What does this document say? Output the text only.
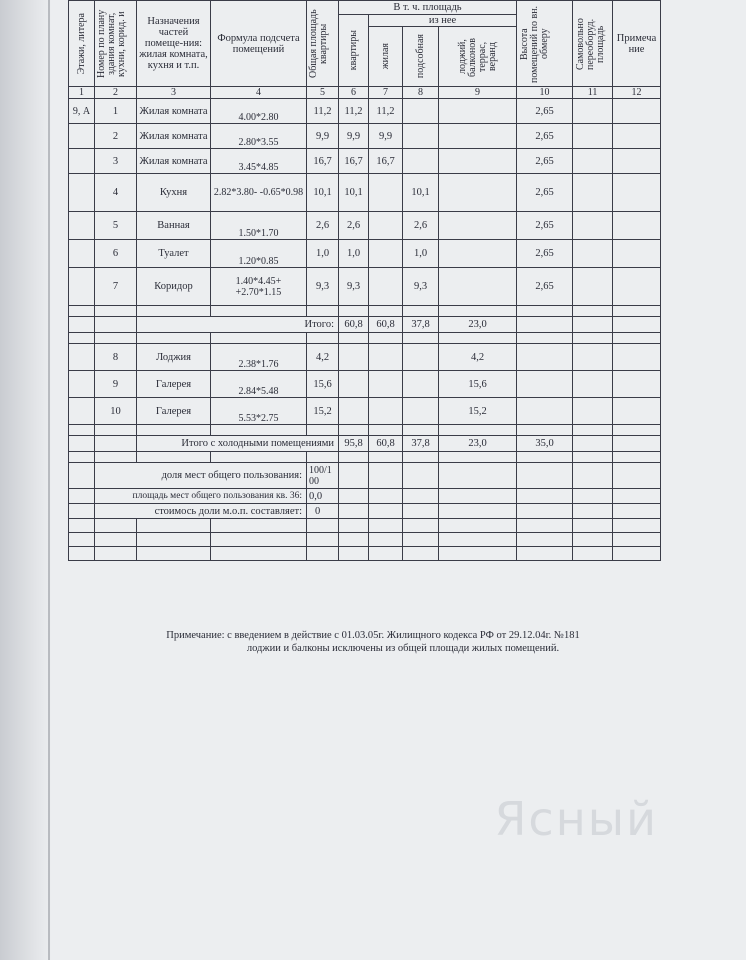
Этажи, литера	Номер по плану здания комнат, кухни, корид. и	Назначения частей помеще-ния: жилая комната, кухня и т.п.	Формула подсчета помещений	Общая площадь квартиры	В т. ч. площадь				Высота помещений по вн. обмеру	Самовольно переоборуд. площадь	Примеча ние

					квартиры	из нее					

						жилая	подсобная	лоджий, балконов террас, веранд			

1	2	3	4	5	6	7	8	9	10	11	12
9, А	1	Жилая комната	4.00*2.80	11,2	11,2	11,2			2,65		
	2	Жилая комната	2.80*3.55	9,9	9,9	9,9			2,65		
	3	Жилая комната	3.45*4.85	16,7	16,7	16,7			2,65		
	4	Кухня	2.82*3.80- -0.65*0.98	10,1	10,1		10,1		2,65		
	5	Ванная	1.50*1.70	2,6	2,6		2,6		2,65		
	6	Туалет	1.20*0.85	1,0	1,0		1,0		2,65		
	7	Коридор	1.40*4.45+ +2.70*1.15	9,3	9,3		9,3		2,65		

		Итого:			60,8	60,8	37,8	23,0			

	8	Лоджия	2.38*1.76	4,2				4,2			
	9	Галерея	2.84*5.48	15,6				15,6			
	10	Галерея	5.53*2.75	15,2				15,2			

		Итого с холодными помещениями			95,8	60,8	37,8	23,0	35,0		

	доля мест общего пользования:			100/100							
	площадь мест общего пользования кв. 36:			0,0							
	стоимось доли м.о.п. составляет:			0							

Примечание: с введением в действие с 01.03.05г. Жилищного кодекса РФ от 29.12.04г. №181
лоджии и балконы исключены из общей площади жилых помещений.
Ясный
